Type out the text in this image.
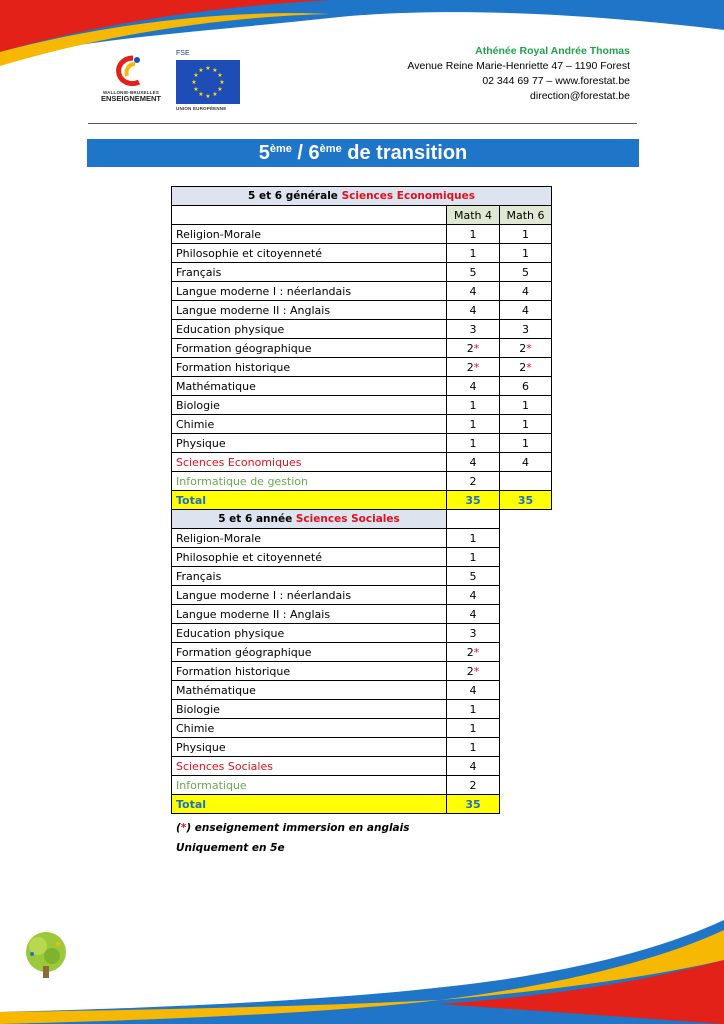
WALLONIE-BRUXELLES
ENSEIGNEMENT
FSE
★ ★
★
★
★
★
★
★
★
★
★
★
UNION EUROPÉENNE
Athénée Royal Andrée Thomas
Avenue Reine Marie-Henriette 47 – 1190 Forest
02 344 69 77 – www.forestat.be
direction@forestat.be
5ème / 6ème de transition
5 et 6 générale Sciences Economiques		
	Math 4	Math 6
Religion-Morale	1	1
Philosophie et citoyenneté	1	1
Français	5	5
Langue moderne I : néerlandais	4	4
Langue moderne II : Anglais	4	4
Education physique	3	3
Formation géographique	2*	2*
Formation historique	2*	2*
Mathématique	4	6
Biologie	1	1
Chimie	1	1
Physique	1	1
Sciences Economiques	4	4
Informatique de gestion	2	
Total	35	35
5 et 6 année Sciences Sociales		
Religion-Morale	1	
Philosophie et citoyenneté	1	
Français	5	
Langue moderne I : néerlandais	4	
Langue moderne II : Anglais	4	
Education physique	3	
Formation géographique	2*	
Formation historique	2*	
Mathématique	4	
Biologie	1	
Chimie	1	
Physique	1	
Sciences Sociales	4	
Informatique	2	
Total	35	
(*) enseignement immersion en anglais
Uniquement en 5e
